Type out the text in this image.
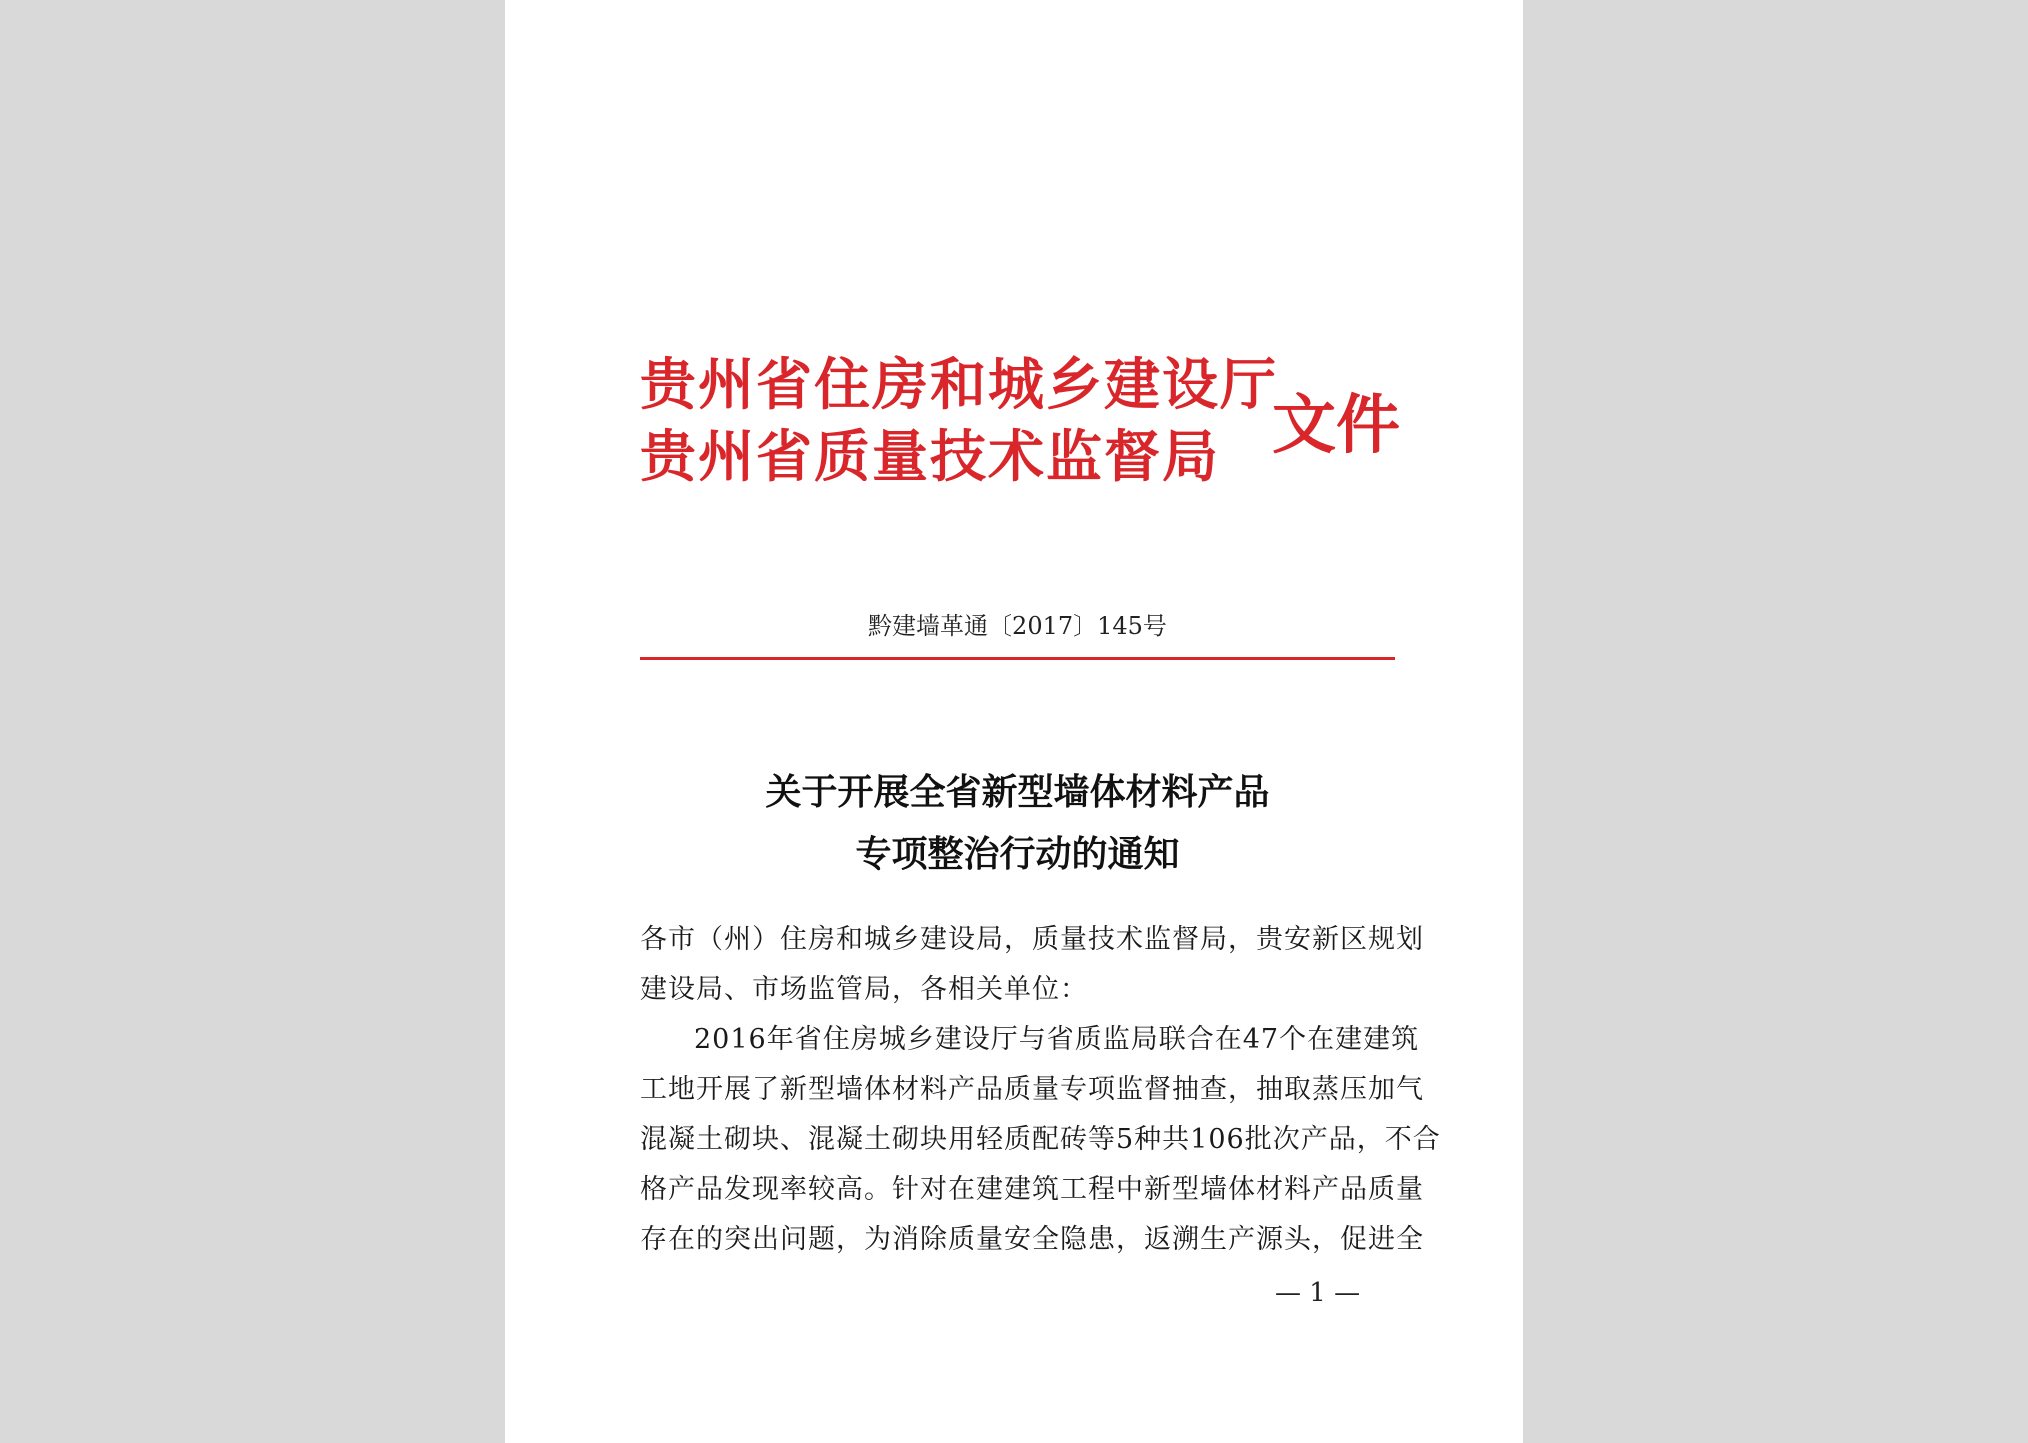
贵州省住房和城乡建设厅
贵州省质量技术监督局 文件
黔建墙革通〔2017〕145号
关于开展全省新型墙体材料产品
专项整治行动的通知
各市（州）住房和城乡建设局，质量技术监督局，贵安新区规划
建设局、市场监管局，各相关单位：
2016年省住房城乡建设厅与省质监局联合在47个在建建筑
工地开展了新型墙体材料产品质量专项监督抽查，抽取蒸压加气
混凝土砌块、混凝土砌块用轻质配砖等5种共106批次产品，不合
格产品发现率较高。针对在建建筑工程中新型墙体材料产品质量
存在的突出问题，为消除质量安全隐患，返溯生产源头，促进全
— 1 —
